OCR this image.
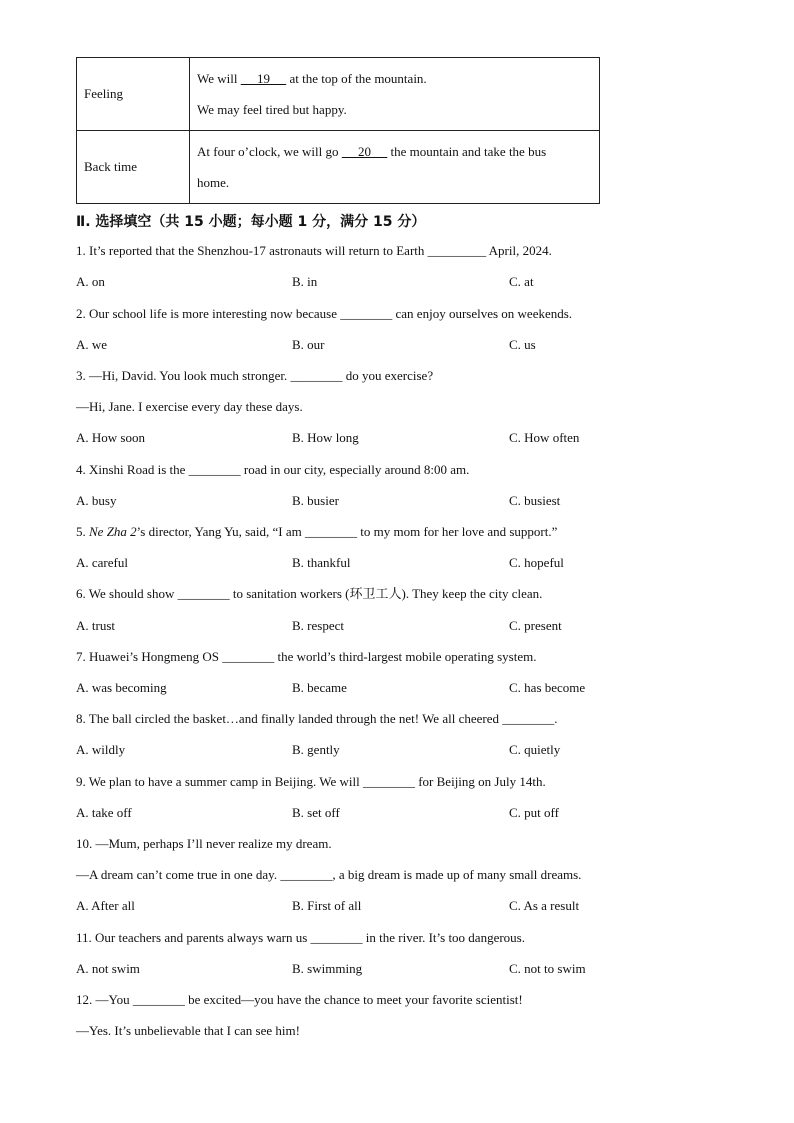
Feeling	We will      19      at the top of the mountain.
We may feel tired but happy.

Back time	At four o’clock, we will go      20      the mountain and take the bus
home.
Ⅱ. 选择填空（共 15 小题；每小题 1 分，满分 15 分）
1. It’s reported that the Shenzhou-17 astronauts will return to Earth _________ April, 2024.
A. on	B. in	C. at
2. Our school life is more interesting now because ________ can enjoy ourselves on weekends.
A. we	B. our	C. us
3. —Hi, David. You look much stronger. ________ do you exercise?
—Hi, Jane. I exercise every day these days.
A. How soon	B. How long	C. How often
4. Xinshi Road is the ________ road in our city, especially around 8:00 am.
A. busy	B. busier	C. busiest
5. Ne Zha 2’s director, Yang Yu, said, “I am ________ to my mom for her love and support.”
A. careful	B. thankful	C. hopeful
6. We should show ________ to sanitation workers (环卫工人). They keep the city clean.
A. trust	B. respect	C. present
7. Huawei’s Hongmeng OS ________ the world’s third-largest mobile operating system.
A. was becoming	B. became	C. has become
8. The ball circled the basket…and finally landed through the net! We all cheered ________.
A. wildly	B. gently	C. quietly
9. We plan to have a summer camp in Beijing. We will ________ for Beijing on July 14th.
A. take off	B. set off	C. put off
10. —Mum, perhaps I’ll never realize my dream.
—A dream can’t come true in one day. ________, a big dream is made up of many small dreams.
A. After all	B. First of all	C. As a result
11. Our teachers and parents always warn us ________ in the river. It’s too dangerous.
A. not swim	B. swimming	C. not to swim
12. —You ________ be excited—you have the chance to meet your favorite scientist!
—Yes. It’s unbelievable that I can see him!
